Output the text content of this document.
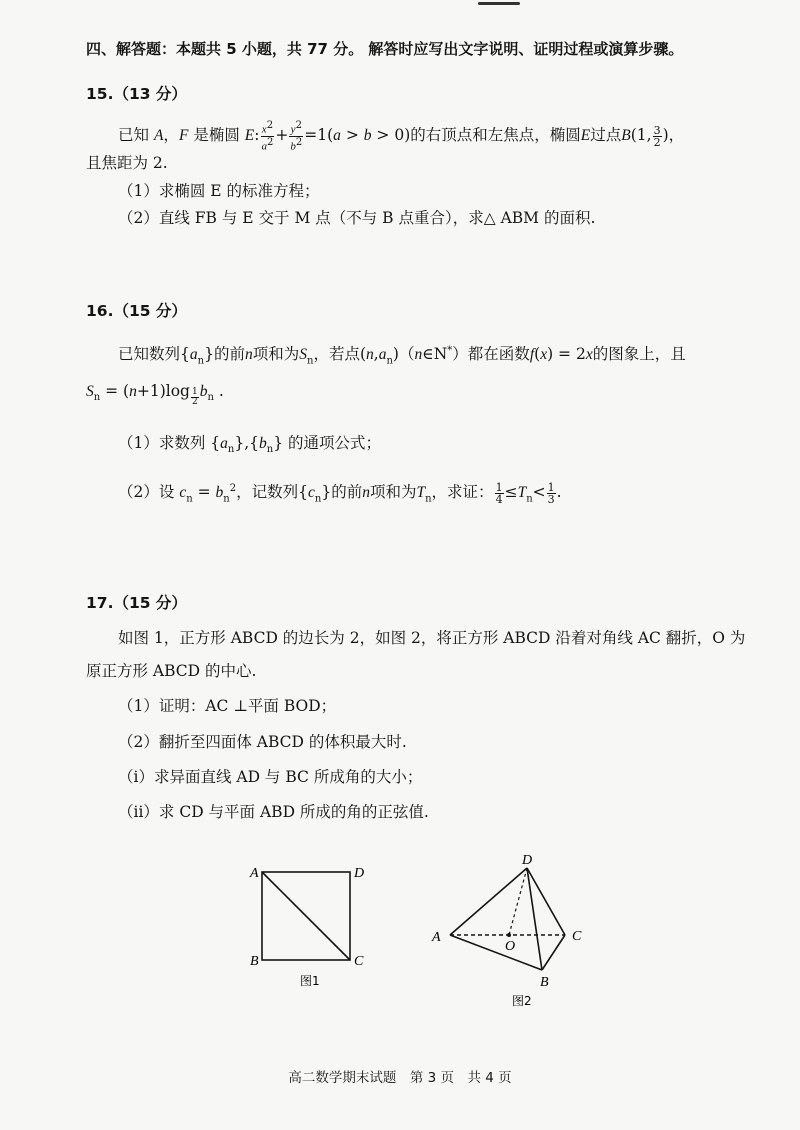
四、解答题：本题共 5 小题，共 77 分。 解答时应写出文字说明、证明过程或演算步骤。
15.（13 分）
已知 A，F 是椭圆 E: $\frac{x^2}{a^2} + \frac{y^2}{b^2} =1(a > b > 0)$的右顶点和左焦点，椭圆E过点B(1, $\frac{3}{2}$ )，
且焦距为 2.
（1）求椭圆 E 的标准方程；
（2）直线 FB 与 E 交于 M 点（不与 B 点重合），求△ ABM 的面积.
16.（15 分）
已知数列$\{a_n\}$的前n项和为$S_n$，若点$(n,a_n)(n\in N^*)$都在函数f(x) = 2x的图象上，且
$S_n = (n+1)\log$ $_{\frac{1}{2}}$ $b_n$ .
（1）求数列 $\{a_n\},\{b_n\}$ 的通项公式；
（2）设 $c_n = b_n^2$，记数列$\{c_n\}$的前n项和为$T_n$，求证： $\frac{1}{4} \le T_n< \frac{1}{3}$ .
17.（15 分）
如图 1，正方形 ABCD 的边长为 2，如图 2，将正方形 ABCD 沿着对角线 AC 翻折，O 为
原正方形 ABCD 的中心.
（1）证明：AC ⊥平面 BOD；
（2）翻折至四面体 ABCD 的体积最大时.
（ⅰ）求异面直线 AD 与 BC 所成角的大小；
（ⅱ）求 CD 与平面 ABD 所成的角的正弦值.
A	D
B	C
图1
A
D
C
B
O
图2
高二数学期末试题　第 3 页　共 4 页
